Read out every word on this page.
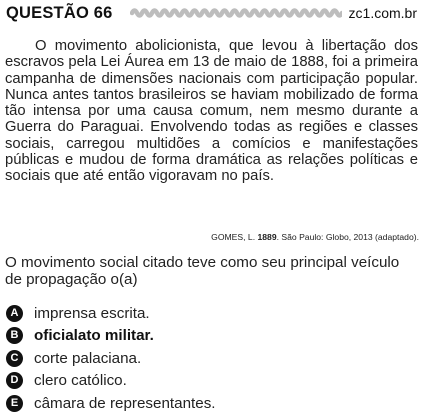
QUESTÃO 66	zc1.com.br

O movimento abolicionista, que levou à libertação dos escravos pela Lei Áurea em 13 de maio de 1888, foi a primeira campanha de dimensões nacionais com participação popular. Nunca antes tantos brasileiros se haviam mobilizado de forma tão intensa por uma causa comum, nem mesmo durante a Guerra do Paraguai. Envolvendo todas as regiões e classes sociais, carregou multidões a comícios e manifestações públicas e mudou de forma dramática as relações políticas e sociais que até então vigoravam no país.

GOMES, L. 1889. São Paulo: Globo, 2013 (adaptado).

O movimento social citado teve como seu principal veículo de propagação o(a)

A imprensa escrita.
B oficialato militar.
C corte palaciana.
D clero católico.
E	câmara de representantes.
